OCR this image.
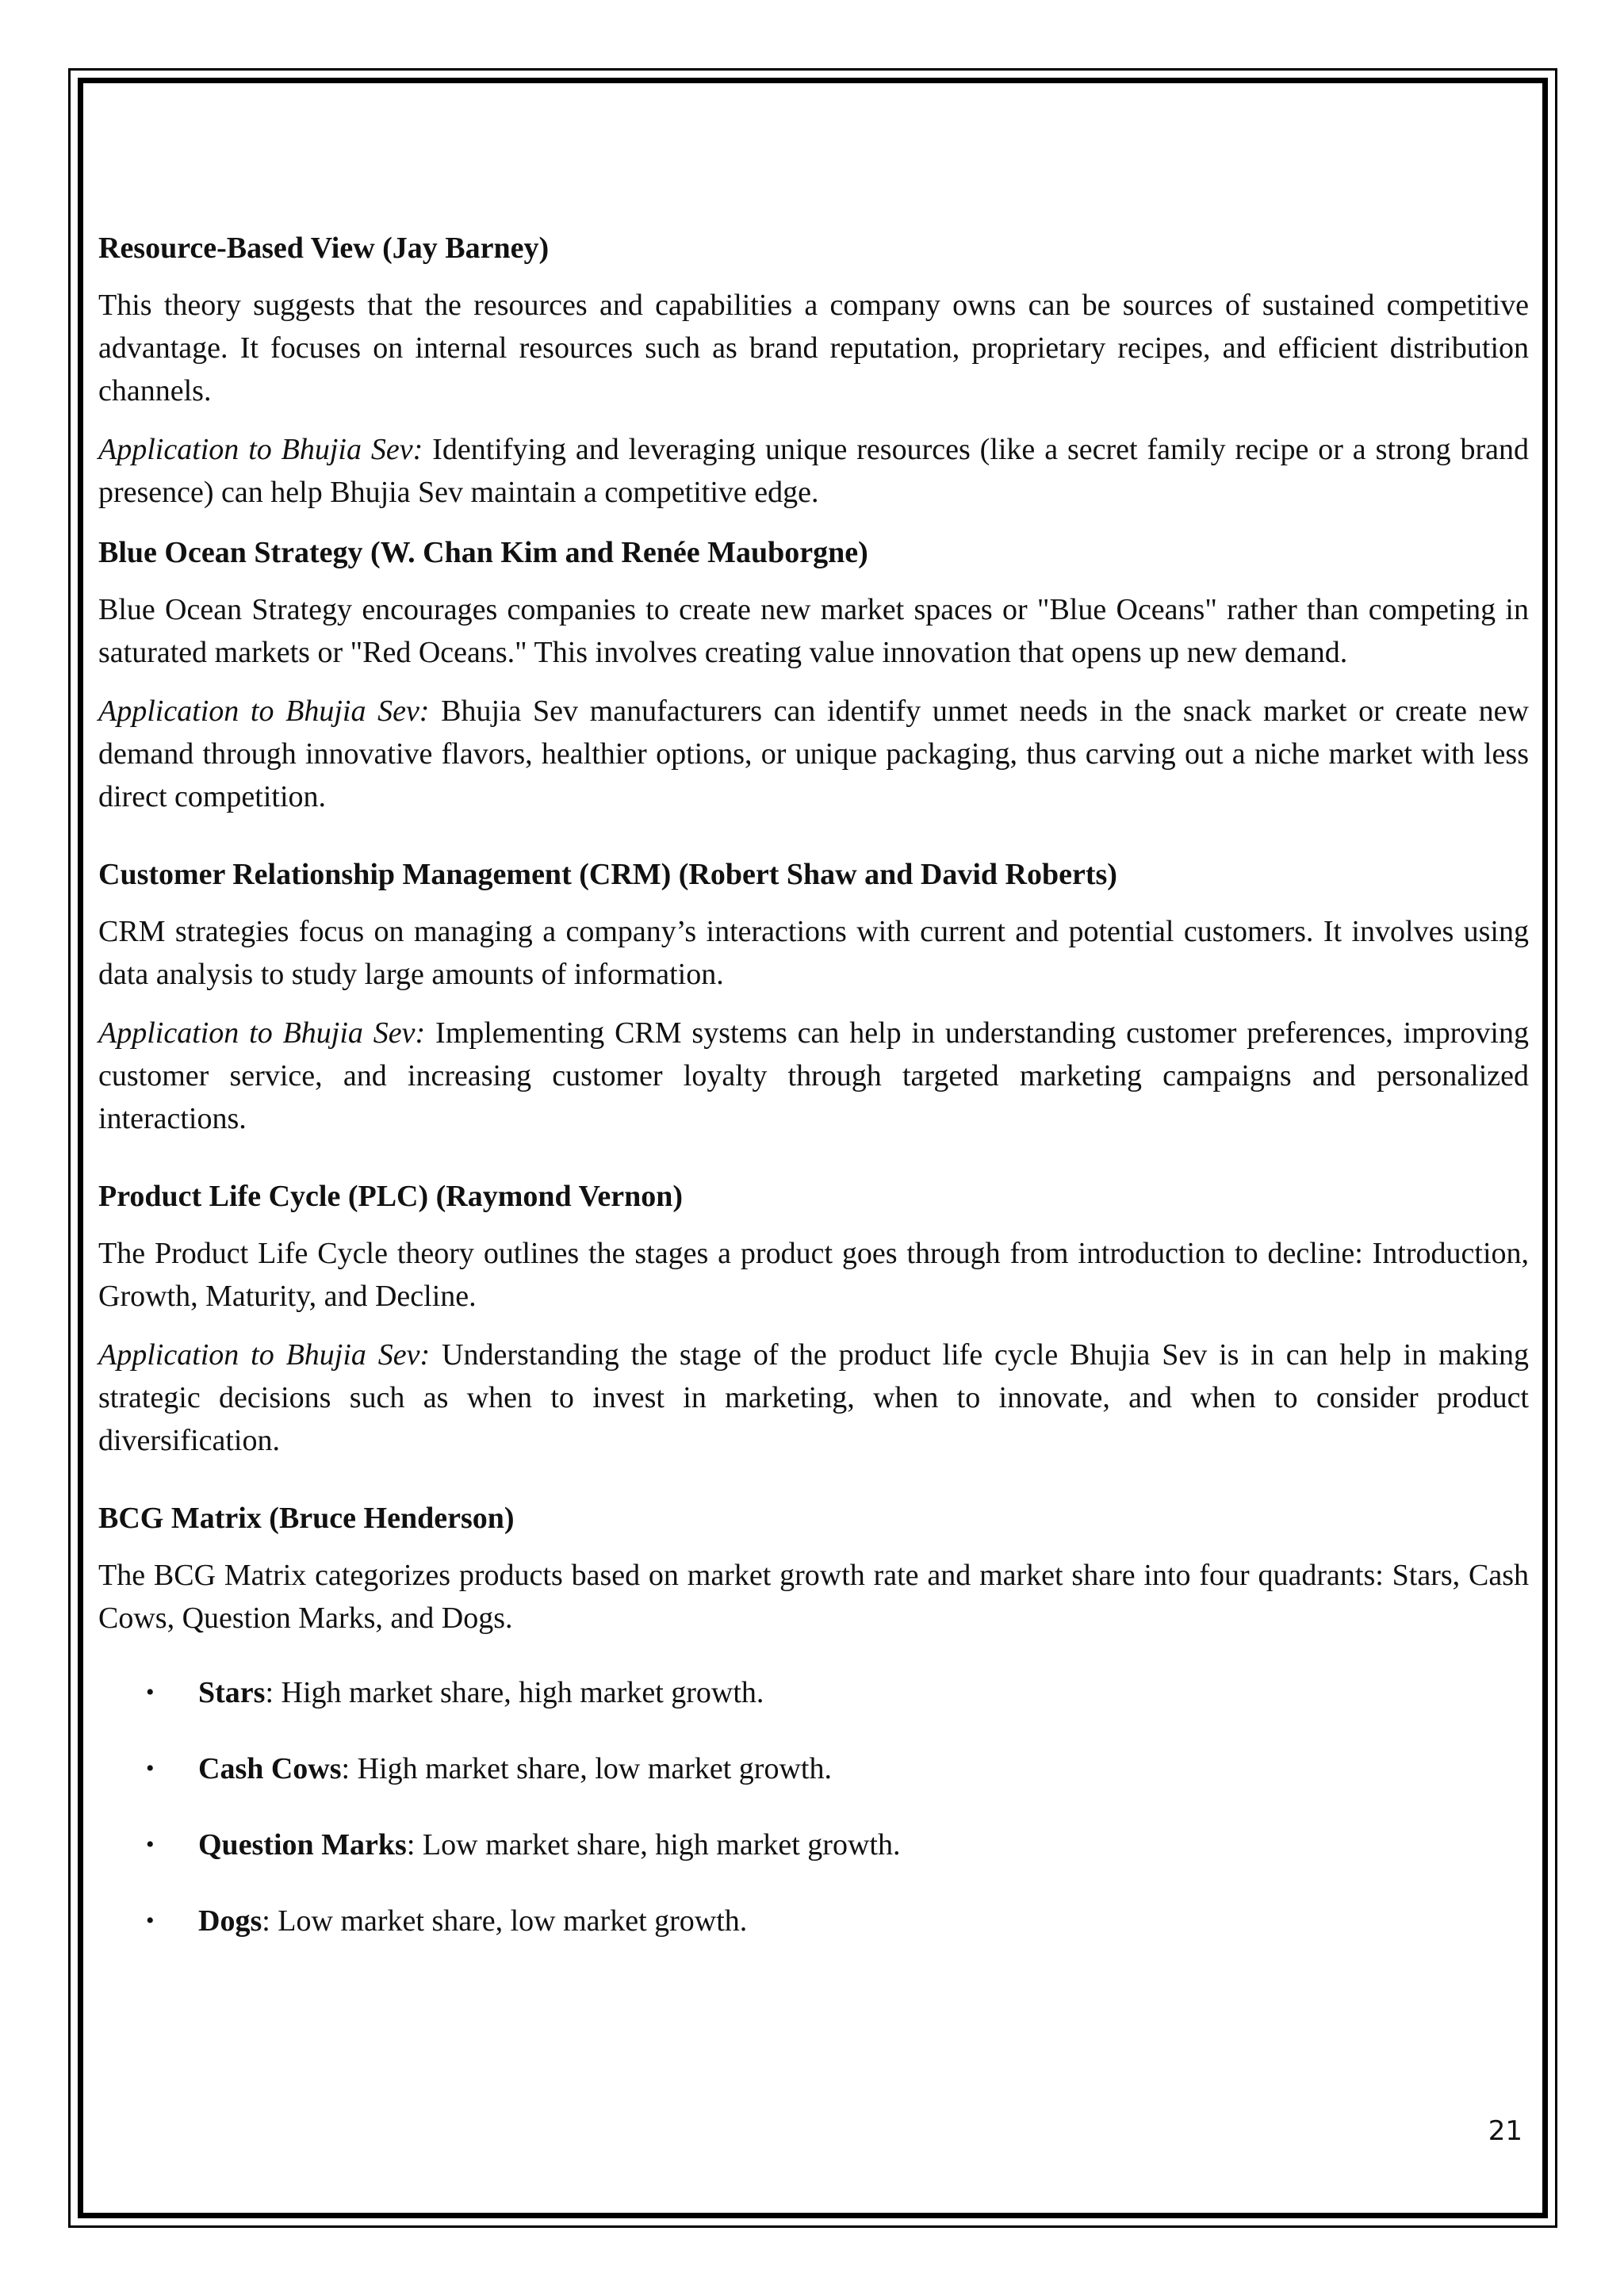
Resource-Based View (Jay Barney)

This theory suggests that the resources and capabilities a company owns can be sources of sustained competitive advantage. It focuses on internal resources such as brand reputation, proprietary recipes, and efficient distribution channels.

Application to Bhujia Sev: Identifying and leveraging unique resources (like a secret family recipe or a strong brand presence) can help Bhujia Sev maintain a competitive edge.

Blue Ocean Strategy (W. Chan Kim and Renée Mauborgne)

Blue Ocean Strategy encourages companies to create new market spaces or "Blue Oceans" rather than competing in saturated markets or "Red Oceans." This involves creating value innovation that opens up new demand.

Application to Bhujia Sev: Bhujia Sev manufacturers can identify unmet needs in the snack market or create new demand through innovative flavors, healthier options, or unique packaging, thus carving out a niche market with less direct competition.

Customer Relationship Management (CRM) (Robert Shaw and David Roberts)

CRM strategies focus on managing a company’s interactions with current and potential customers. It involves using data analysis to study large amounts of information.

Application to Bhujia Sev: Implementing CRM systems can help in understanding customer preferences, improving customer service, and increasing customer loyalty through targeted marketing campaigns and personalized interactions.

Product Life Cycle (PLC) (Raymond Vernon)

The Product Life Cycle theory outlines the stages a product goes through from introduction to decline: Introduction, Growth, Maturity, and Decline.

Application to Bhujia Sev: Understanding the stage of the product life cycle Bhujia Sev is in can help in making strategic decisions such as when to invest in marketing, when to innovate, and when to consider product diversification.

BCG Matrix (Bruce Henderson)

The BCG Matrix categorizes products based on market growth rate and market share into four quadrants: Stars, Cash Cows, Question Marks, and Dogs.

• Stars: High market share, high market growth.
• Cash Cows: High market share, low market growth.
• Question Marks: Low market share, high market growth.
• Dogs: Low market share, low market growth.
21
